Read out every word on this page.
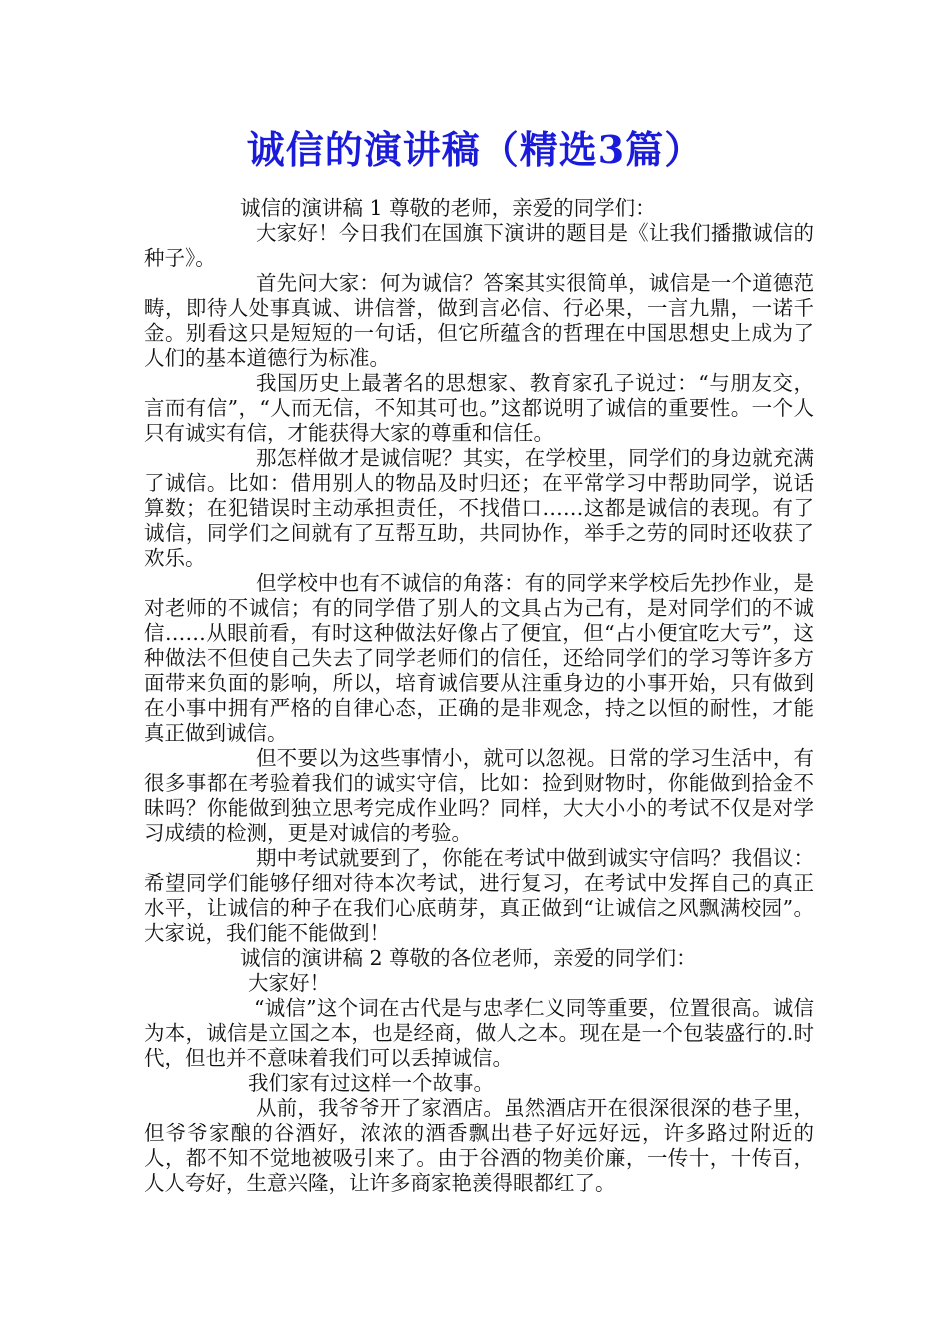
诚信的演讲稿（精选3篇）

诚信的演讲稿 1 尊敬的老师，亲爱的同学们：

大家好！今日我们在国旗下演讲的题目是《让我们播撒诚信的种子》。

首先问大家：何为诚信？答案其实很简单，诚信是一个道德范畴，即待人处事真诚、讲信誉，做到言必信、行必果，一言九鼎，一诺千金。别看这只是短短的一句话，但它所蕴含的哲理在中国思想史上成为了人们的基本道德行为标准。

我国历史上最著名的思想家、教育家孔子说过：“与朋友交，言而有信”，“人而无信，不知其可也。”这都说明了诚信的重要性。一个人只有诚实有信，才能获得大家的尊重和信任。

那怎样做才是诚信呢？其实，在学校里，同学们的身边就充满了诚信。比如：借用别人的物品及时归还；在平常学习中帮助同学，说话算数；在犯错误时主动承担责任，不找借口……这都是诚信的表现。有了诚信，同学们之间就有了互帮互助，共同协作，举手之劳的同时还收获了欢乐。

但学校中也有不诚信的角落：有的同学来学校后先抄作业，是对老师的不诚信；有的同学借了别人的文具占为己有，是对同学们的不诚信……从眼前看，有时这种做法好像占了便宜，但“占小便宜吃大亏”，这种做法不但使自己失去了同学老师们的信任，还给同学们的学习等许多方面带来负面的影响，所以，培育诚信要从注重身边的小事开始，只有做到在小事中拥有严格的自律心态，正确的是非观念，持之以恒的耐性，才能真正做到诚信。

但不要以为这些事情小，就可以忽视。日常的学习生活中，有很多事都在考验着我们的诚实守信，比如：捡到财物时，你能做到拾金不昧吗？你能做到独立思考完成作业吗？同样，大大小小的考试不仅是对学习成绩的检测，更是对诚信的考验。

期中考试就要到了，你能在考试中做到诚实守信吗？我倡议：希望同学们能够仔细对待本次考试，进行复习，在考试中发挥自己的真正水平，让诚信的种子在我们心底萌芽，真正做到“让诚信之风飘满校园”。大家说，我们能不能做到！

诚信的演讲稿 2 尊敬的各位老师，亲爱的同学们：

大家好！

“诚信”这个词在古代是与忠孝仁义同等重要，位置很高。诚信为本，诚信是立国之本，也是经商，做人之本。现在是一个包装盛行的.时代，但也并不意味着我们可以丢掉诚信。

我们家有过这样一个故事。

从前，我爷爷开了家酒店。虽然酒店开在很深很深的巷子里，但爷爷家酿的谷酒好，浓浓的酒香飘出巷子好远好远，许多路过附近的人，都不知不觉地被吸引来了。由于谷酒的物美价廉，一传十，十传百，人人夸好，生意兴隆，让许多商家艳羡得眼都红了。
